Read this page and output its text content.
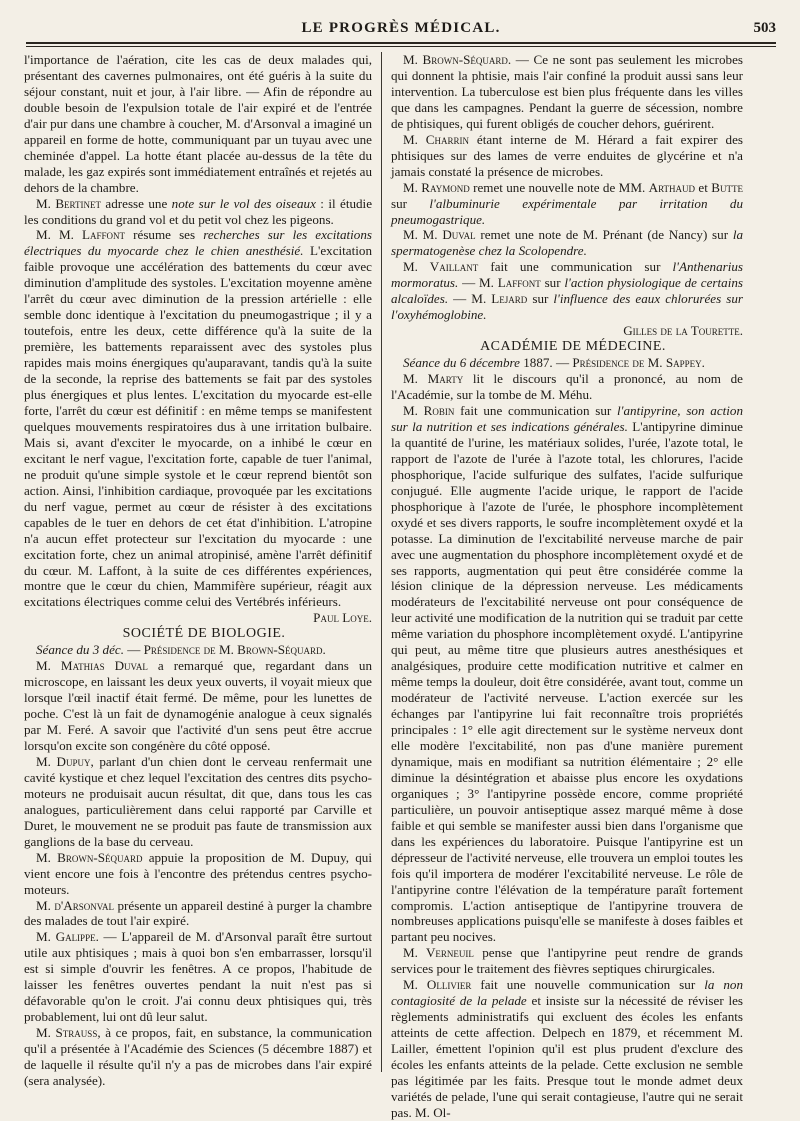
LE PROGRÈS MÉDICAL.	503

l'importance de l'aération, cite les cas de deux malades qui, présentant des cavernes pulmonaires, ont été guéris à la suite du séjour constant, nuit et jour, à l'air libre. — Afin de répondre au double besoin de l'expulsion totale de l'air expiré et de l'entrée d'air pur dans une chambre à coucher, M. d'Arsonval a imaginé un appareil en forme de hotte, communiquant par un tuyau avec une cheminée d'appel. La hotte étant placée au-dessus de la tête du malade, les gaz expirés sont immédiatement entraînés et rejetés au dehors de la chambre.

M. Bertinet adresse une note sur le vol des oiseaux : il étudie les conditions du grand vol et du petit vol chez les pigeons.

M. M. Laffont résume ses recherches sur les excitations électriques du myocarde chez le chien anesthésié. L'excitation faible provoque une accélération des battements du cœur avec diminution d'amplitude des systoles. L'excitation moyenne amène l'arrêt du cœur avec diminution de la pression artérielle : elle semble donc identique à l'excitation du pneumogastrique ; il y a toutefois, entre les deux, cette différence qu'à la suite de la première, les battements reparaissent avec des systoles plus rapides mais moins énergiques qu'auparavant, tandis qu'à la suite de la seconde, la reprise des battements se fait par des systoles plus énergiques et plus lentes. L'excitation du myocarde est-elle forte, l'arrêt du cœur est définitif : en même temps se manifestent quelques mouvements respiratoires dus à une irritation bulbaire. Mais si, avant d'exciter le myocarde, on a inhibé le cœur en excitant le nerf vague, l'excitation forte, capable de tuer l'animal, ne produit qu'une simple systole et le cœur reprend bientôt son action. Ainsi, l'inhibition cardiaque, provoquée par les excitations du nerf vague, permet au cœur de résister à des excitations capables de le tuer en dehors de cet état d'inhibition. L'atropine n'a aucun effet protecteur sur l'excitation du myocarde : une excitation forte, chez un animal atropinisé, amène l'arrêt définitif du cœur. M. Laffont, à la suite de ces différentes expériences, montre que le cœur du chien, Mammifère supérieur, réagit aux excitations électriques comme celui des Vertébrés inférieurs.

Paul Loye.

SOCIÉTÉ DE BIOLOGIE.

Séance du 3 déc. — Présidence de M. Brown-Séquard.

M. Mathias Duval a remarqué que, regardant dans un microscope, en laissant les deux yeux ouverts, il voyait mieux que lorsque l'œil inactif était fermé. De même, pour les lunettes de poche. C'est là un fait de dynamogénie analogue à ceux signalés par M. Feré. A savoir que l'activité d'un sens peut être accrue lorsqu'on excite son congénère du côté opposé.

M. Dupuy, parlant d'un chien dont le cerveau renfermait une cavité kystique et chez lequel l'excitation des centres dits psycho-moteurs ne produisait aucun résultat, dit que, dans tous les cas analogues, particulièrement dans celui rapporté par Carville et Duret, le mouvement ne se produit pas faute de transmission aux ganglions de la base du cerveau.

M. Brown-Séquard appuie la proposition de M. Dupuy, qui vient encore une fois à l'encontre des prétendus centres psycho-moteurs.

M. d'Arsonval présente un appareil destiné à purger la chambre des malades de tout l'air expiré.

M. Galippe. — L'appareil de M. d'Arsonval paraît être surtout utile aux phtisiques ; mais à quoi bon s'en embarrasser, lorsqu'il est si simple d'ouvrir les fenêtres. A ce propos, l'habitude de laisser les fenêtres ouvertes pendant la nuit n'est pas si défavorable qu'on le croit. J'ai connu deux phtisiques qui, très probablement, lui ont dû leur salut.

M. Strauss, à ce propos, fait, en substance, la communication qu'il a présentée à l'Académie des Sciences (5 décembre 1887) et de laquelle il résulte qu'il n'y a pas de microbes dans l'air expiré (sera analysée).

M. Brown-Séquard. — Ce ne sont pas seulement les microbes qui donnent la phtisie, mais l'air confiné la produit aussi sans leur intervention. La tuberculose est bien plus fréquente dans les villes que dans les campagnes. Pendant la guerre de sécession, nombre de phtisiques, qui furent obligés de coucher dehors, guérirent.

M. Charrin étant interne de M. Hérard a fait expirer des phtisiques sur des lames de verre enduites de glycérine et n'a jamais constaté la présence de microbes.

M. Raymond remet une nouvelle note de MM. Arthaud et Butte sur l'albuminurie expérimentale par irritation du pneumogastrique.

M. M. Duval remet une note de M. Prénant (de Nancy) sur la spermatogenèse chez la Scolopendre.

M. Vaillant fait une communication sur l'Anthenarius mormoratus. — M. Laffont sur l'action physiologique de certains alcaloïdes. — M. Lejard sur l'influence des eaux chlorurées sur l'oxyhémoglobine.

Gilles de la Tourette.

ACADÉMIE DE MÉDECINE.

Séance du 6 décembre 1887. — Présidence de M. Sappey.

M. Marty lit le discours qu'il a prononcé, au nom de l'Académie, sur la tombe de M. Méhu.

M. Robin fait une communication sur l'antipyrine, son action sur la nutrition et ses indications générales. L'antipyrine diminue la quantité de l'urine, les matériaux solides, l'urée, l'azote total, le rapport de l'azote de l'urée à l'azote total, les chlorures, l'acide phosphorique, l'acide sulfurique des sulfates, l'acide sulfurique conjugué. Elle augmente l'acide urique, le rapport de l'acide phosphorique à l'azote de l'urée, le phosphore incomplètement oxydé et ses divers rapports, le soufre incomplètement oxydé et la potasse. La diminution de l'excitabilité nerveuse marche de pair avec une augmentation du phosphore incomplètement oxydé et de ses rapports, augmentation qui peut être considérée comme la lésion clinique de la dépression nerveuse. Les médicaments modérateurs de l'excitabilité nerveuse ont pour conséquence de leur activité une modification de la nutrition qui se traduit par cette même variation du phosphore incomplètement oxydé. L'antipyrine qui peut, au même titre que plusieurs autres anesthésiques et analgésiques, produire cette modification nutritive et calmer en même temps la douleur, doit être considérée, avant tout, comme un modérateur de l'activité nerveuse. L'action exercée sur les échanges par l'antipyrine lui fait reconnaître trois propriétés principales : 1° elle agit directement sur le système nerveux dont elle modère l'excitabilité, non pas d'une manière purement dynamique, mais en modifiant sa nutrition élémentaire ; 2° elle diminue la désintégration et abaisse plus encore les oxydations organiques ; 3° l'antipyrine possède encore, comme propriété particulière, un pouvoir antiseptique assez marqué même à dose faible et qui semble se manifester aussi bien dans l'organisme que dans les expériences du laboratoire. Puisque l'antipyrine est un dépresseur de l'activité nerveuse, elle trouvera un emploi toutes les fois qu'il importera de modérer l'excitabilité nerveuse. Le rôle de l'antipyrine contre l'élévation de la température paraît fortement compromis. L'action antiseptique de l'antipyrine trouvera de nombreuses applications puisqu'elle se manifeste à doses faibles et partant peu nocives.

M. Verneuil pense que l'antipyrine peut rendre de grands services pour le traitement des fièvres septiques chirurgicales.

M. Ollivier fait une nouvelle communication sur la non contagiosité de la pelade et insiste sur la nécessité de réviser les règlements administratifs qui excluent des écoles les enfants atteints de cette affection. Delpech en 1879, et récemment M. Lailler, émettent l'opinion qu'il est plus prudent d'exclure des écoles les enfants atteints de la pelade. Cette exclusion ne semble pas légitimée par les faits. Presque tout le monde admet deux variétés de pelade, l'une qui serait contagieuse, l'autre qui ne serait pas. M. Ol-
